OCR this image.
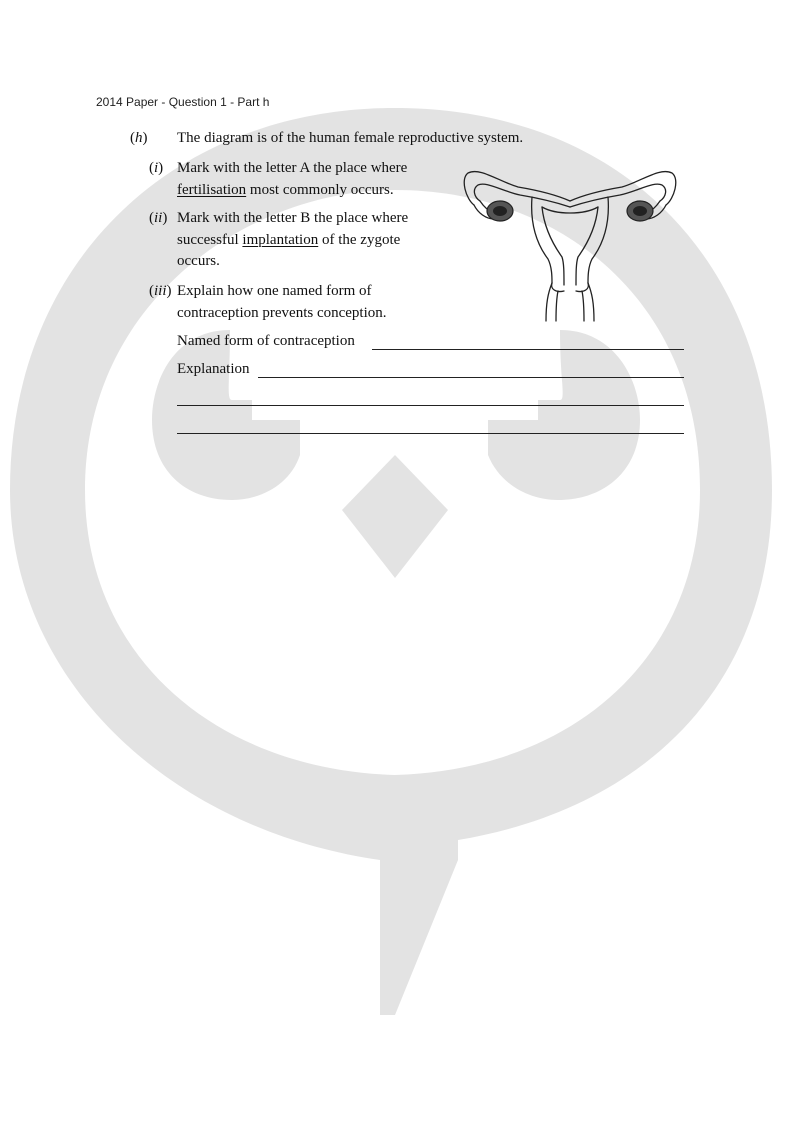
2014 Paper - Question 1 - Part h
(h) The diagram is of the human female reproductive system.
(i) Mark with the letter A the place where
fertilisation most commonly occurs.
(ii) Mark with the letter B the place where
successful implantation of the zygote
occurs.
(iii) Explain how one named form of
contraception prevents conception.
Named form of contraception
Explanation
